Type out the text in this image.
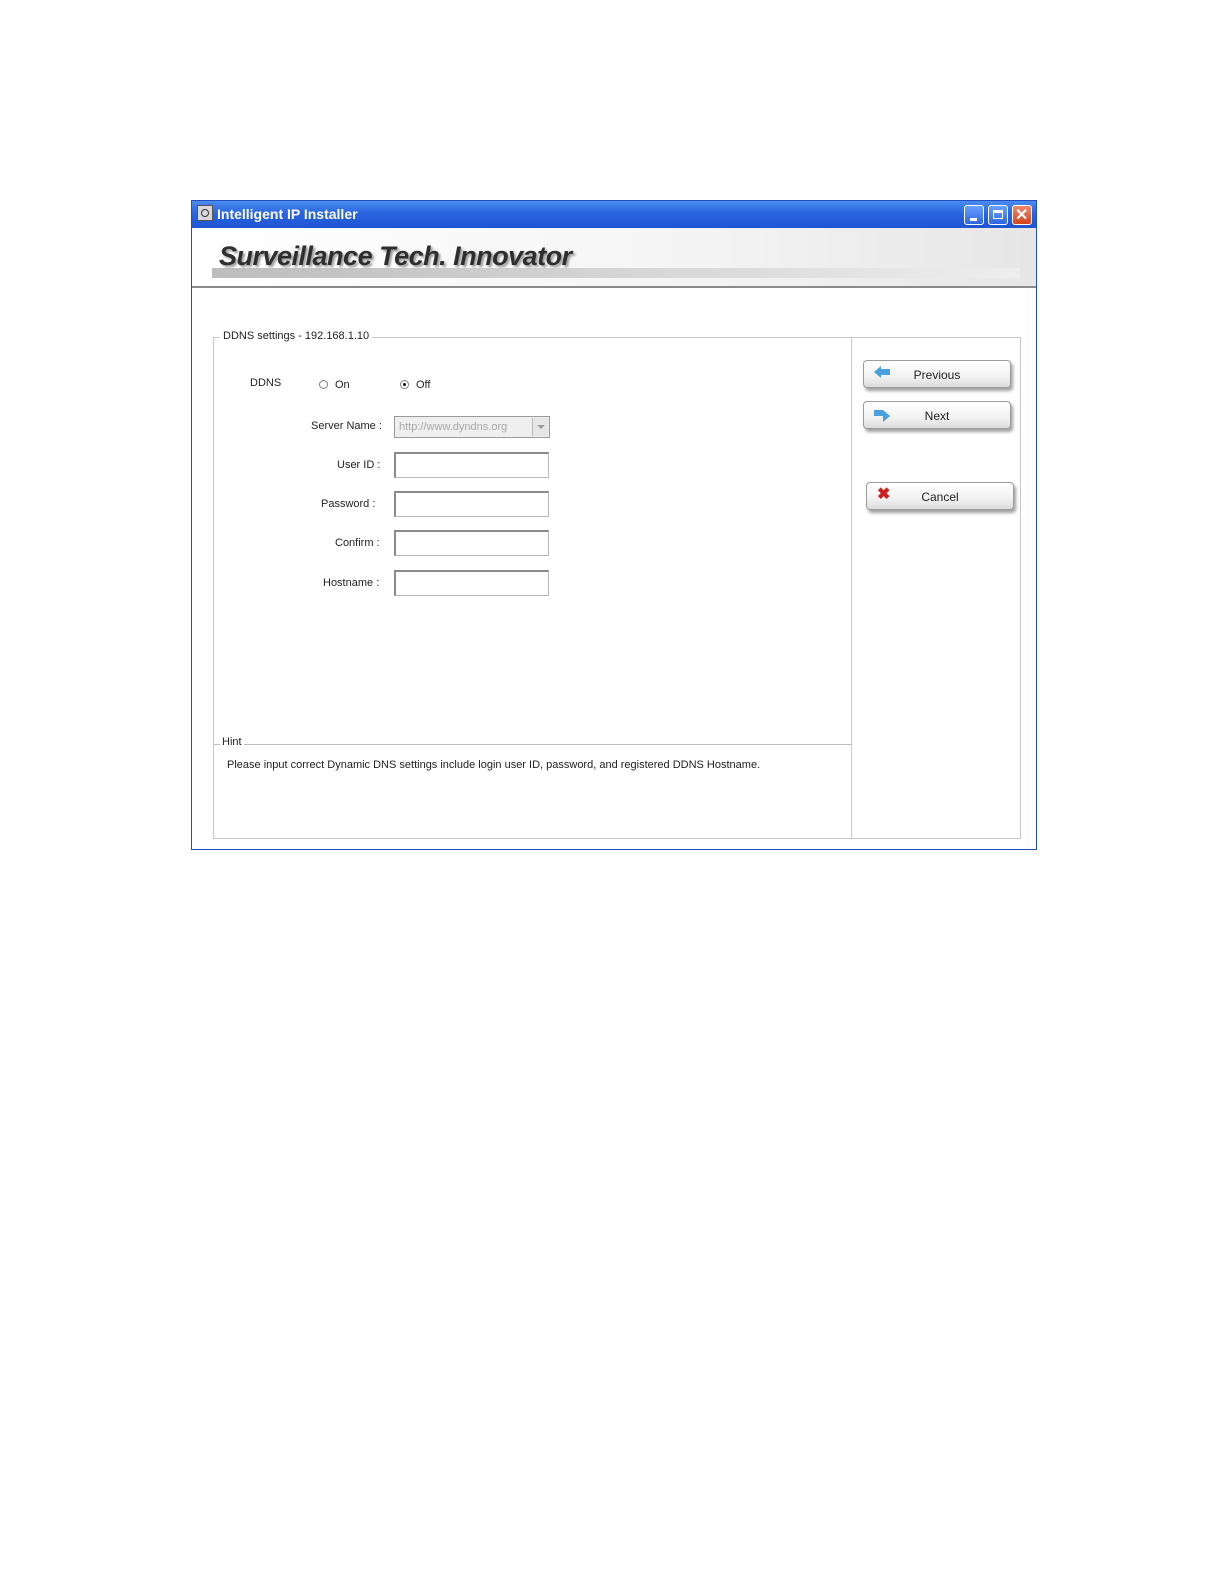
Intelligent IP Installer	✕
Surveillance Tech. Innovator
DDNS settings - 192.168.1.10
DDNS	On	Off
Server Name : http://www.dyndns.org
User ID :
Password :
Confirm :
Hostname :
Hint
Please input correct Dynamic DNS settings include login user ID, password, and registered DDNS Hostname.
Previous
Next
✖	Cancel
